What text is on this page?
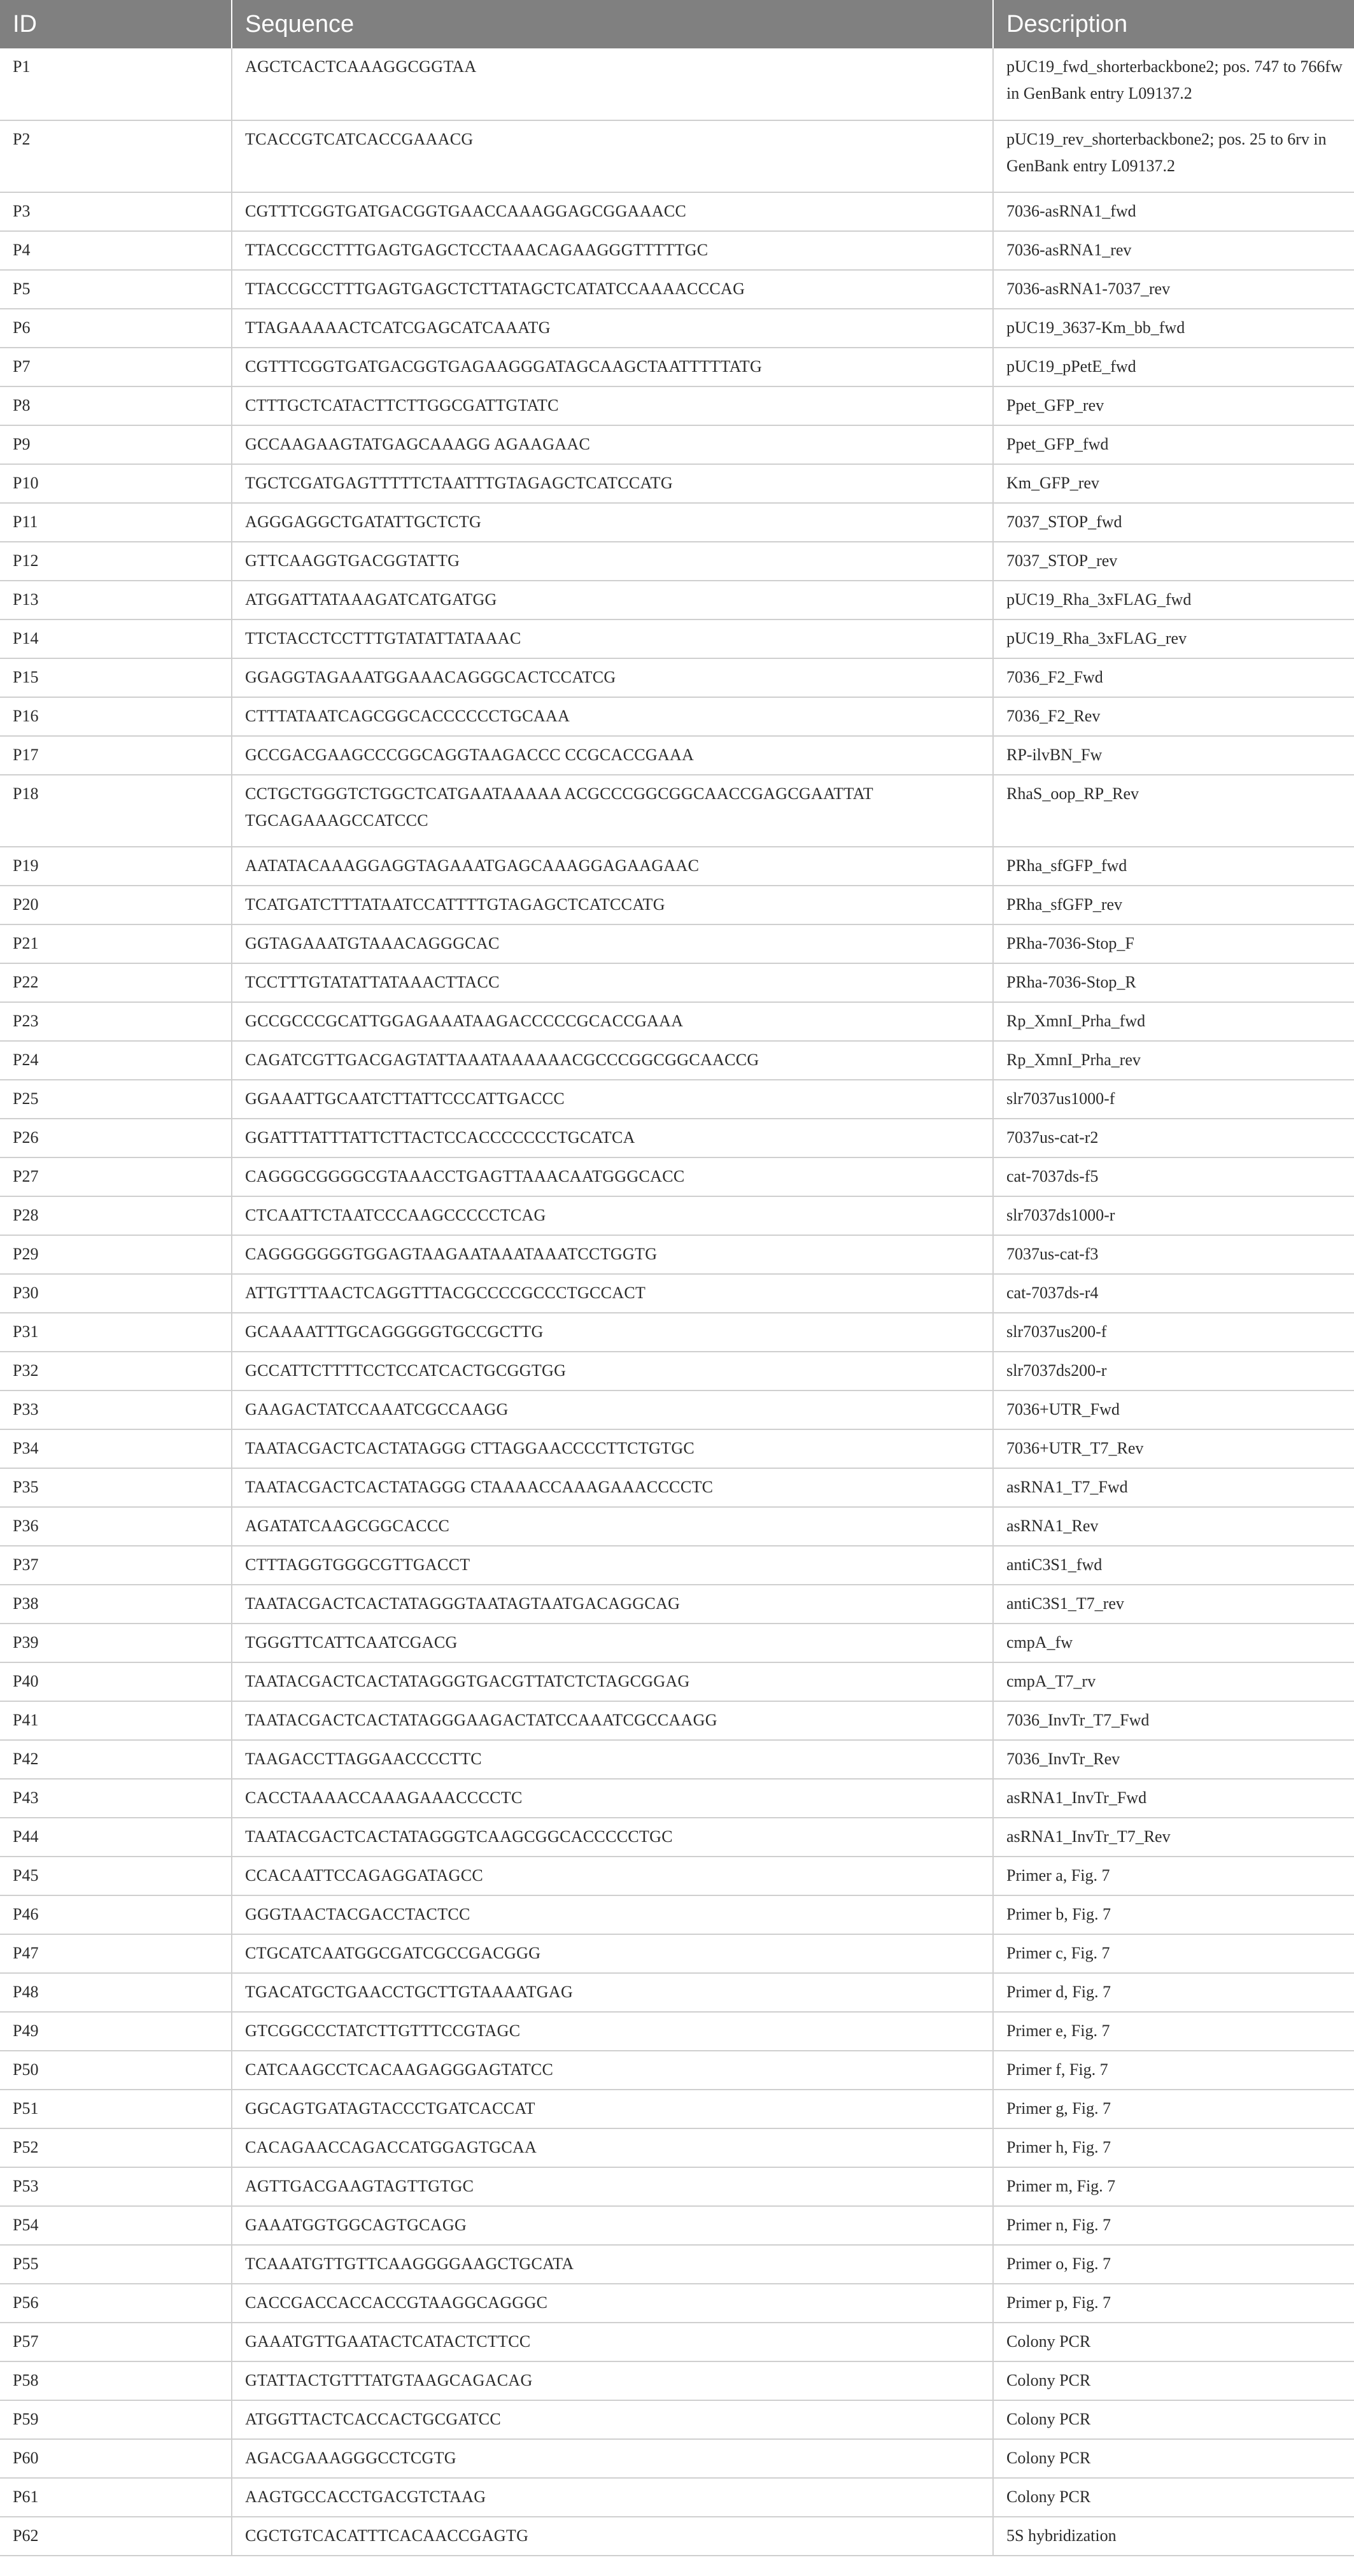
ID	Sequence	Description
P1	AGCTCACTCAAAGGCGGTAA	pUC19_fwd_shorterbackbone2; pos. 747 to 766fw in GenBank entry L09137.2
P2	TCACCGTCATCACCGAAACG	pUC19_rev_shorterbackbone2; pos. 25 to 6rv in GenBank entry L09137.2
P3	CGTTTCGGTGATGACGGTGAACCAAAGGAGCGGAAACC	7036-asRNA1_fwd
P4	TTACCGCCTTTGAGTGAGCTCCTAAACAGAAGGGTTTTTGC	7036-asRNA1_rev
P5	TTACCGCCTTTGAGTGAGCTCTTATAGCTCATATCCAAAACCCAG	7036-asRNA1-7037_rev
P6	TTAGAAAAACTCATCGAGCATCAAATG	pUC19_3637-Km_bb_fwd
P7	CGTTTCGGTGATGACGGTGAGAAGGGATAGCAAGCTAATTTTTATG	pUC19_pPetE_fwd
P8	CTTTGCTCATACTTCTTGGCGATTGTATC	Ppet_GFP_rev
P9	GCCAAGAAGTATGAGCAAAGG AGAAGAAC	Ppet_GFP_fwd
P10	TGCTCGATGAGTTTTTCTAATTTGTAGAGCTCATCCATG	Km_GFP_rev
P11	AGGGAGGCTGATATTGCTCTG	7037_STOP_fwd
P12	GTTCAAGGTGACGGTATTG	7037_STOP_rev
P13	ATGGATTATAAAGATCATGATGG	pUC19_Rha_3xFLAG_fwd
P14	TTCTACCTCCTTTGTATATTATAAAC	pUC19_Rha_3xFLAG_rev
P15	GGAGGTAGAAATGGAAACAGGGCACTCCATCG	7036_F2_Fwd
P16	CTTTATAATCAGCGGCACCCCCCTGCAAA	7036_F2_Rev
P17	GCCGACGAAGCCCGGCAGGTAAGACCC CCGCACCGAAA	RP-ilvBN_Fw
P18	CCTGCTGGGTCTGGCTCATGAATAAAAA ACGCCCGGCGGCAACCGAGCGAATTAT TGCAGAAAGCCATCCC	RhaS_oop_RP_Rev
P19	AATATACAAAGGAGGTAGAAATGAGCAAAGGAGAAGAAC	PRha_sfGFP_fwd
P20	TCATGATCTTTATAATCCATTTTGTAGAGCTCATCCATG	PRha_sfGFP_rev
P21	GGTAGAAATGTAAACAGGGCAC	PRha-7036-Stop_F
P22	TCCTTTGTATATTATAAACTTACC	PRha-7036-Stop_R
P23	GCCGCCCGCATTGGAGAAATAAGACCCCCGCACCGAAA	Rp_XmnI_Prha_fwd
P24	CAGATCGTTGACGAGTATTAAATAAAAAACGCCCGGCGGCAACCG	Rp_XmnI_Prha_rev
P25	GGAAATTGCAATCTTATTCCCATTGACCC	slr7037us1000-f
P26	GGATTTATTTATTCTTACTCCACCCCCCCTGCATCA	7037us-cat-r2
P27	CAGGGCGGGGCGTAAACCTGAGTTAAACAATGGGCACC	cat-7037ds-f5
P28	CTCAATTCTAATCCCAAGCCCCCTCAG	slr7037ds1000-r
P29	CAGGGGGGGTGGAGTAAGAATAAATAAATCCTGGTG	7037us-cat-f3
P30	ATTGTTTAACTCAGGTTTACGCCCCGCCCTGCCACT	cat-7037ds-r4
P31	GCAAAATTTGCAGGGGGTGCCGCTTG	slr7037us200-f
P32	GCCATTCTTTTCCTCCATCACTGCGGTGG	slr7037ds200-r
P33	GAAGACTATCCAAATCGCCAAGG	7036+UTR_Fwd
P34	TAATACGACTCACTATAGGG CTTAGGAACCCCTTCTGTGC	7036+UTR_T7_Rev
P35	TAATACGACTCACTATAGGG CTAAAACCAAAGAAACCCCTC	asRNA1_T7_Fwd
P36	AGATATCAAGCGGCACCC	asRNA1_Rev
P37	CTTTAGGTGGGCGTTGACCT	antiC3S1_fwd
P38	TAATACGACTCACTATAGGGTAATAGTAATGACAGGCAG	antiC3S1_T7_rev
P39	TGGGTTCATTCAATCGACG	cmpA_fw
P40	TAATACGACTCACTATAGGGTGACGTTATCTCTAGCGGAG	cmpA_T7_rv
P41	TAATACGACTCACTATAGGGAAGACTATCCAAATCGCCAAGG	7036_InvTr_T7_Fwd
P42	TAAGACCTTAGGAACCCCTTC	7036_InvTr_Rev
P43	CACCTAAAACCAAAGAAACCCCTC	asRNA1_InvTr_Fwd
P44	TAATACGACTCACTATAGGGTCAAGCGGCACCCCCTGC	asRNA1_InvTr_T7_Rev
P45	CCACAATTCCAGAGGATAGCC	Primer a, Fig. 7
P46	GGGTAACTACGACCTACTCC	Primer b, Fig. 7
P47	CTGCATCAATGGCGATCGCCGACGGG	Primer c, Fig. 7
P48	TGACATGCTGAACCTGCTTGTAAAATGAG	Primer d, Fig. 7
P49	GTCGGCCCTATCTTGTTTCCGTAGC	Primer e, Fig. 7
P50	CATCAAGCCTCACAAGAGGGAGTATCC	Primer f, Fig. 7
P51	GGCAGTGATAGTACCCTGATCACCAT	Primer g, Fig. 7
P52	CACAGAACCAGACCATGGAGTGCAA	Primer h, Fig. 7
P53	AGTTGACGAAGTAGTTGTGC	Primer m, Fig. 7
P54	GAAATGGTGGCAGTGCAGG	Primer n, Fig. 7
P55	TCAAATGTTGTTCAAGGGGAAGCTGCATA	Primer o, Fig. 7
P56	CACCGACCACCACCGTAAGGCAGGGC	Primer p, Fig. 7
P57	GAAATGTTGAATACTCATACTCTTCC	Colony PCR
P58	GTATTACTGTTTATGTAAGCAGACAG	Colony PCR
P59	ATGGTTACTCACCACTGCGATCC	Colony PCR
P60	AGACGAAAGGGCCTCGTG	Colony PCR
P61	AAGTGCCACCTGACGTCTAAG	Colony PCR
P62	CGCTGTCACATTTCACAACCGAGTG	5S hybridization
